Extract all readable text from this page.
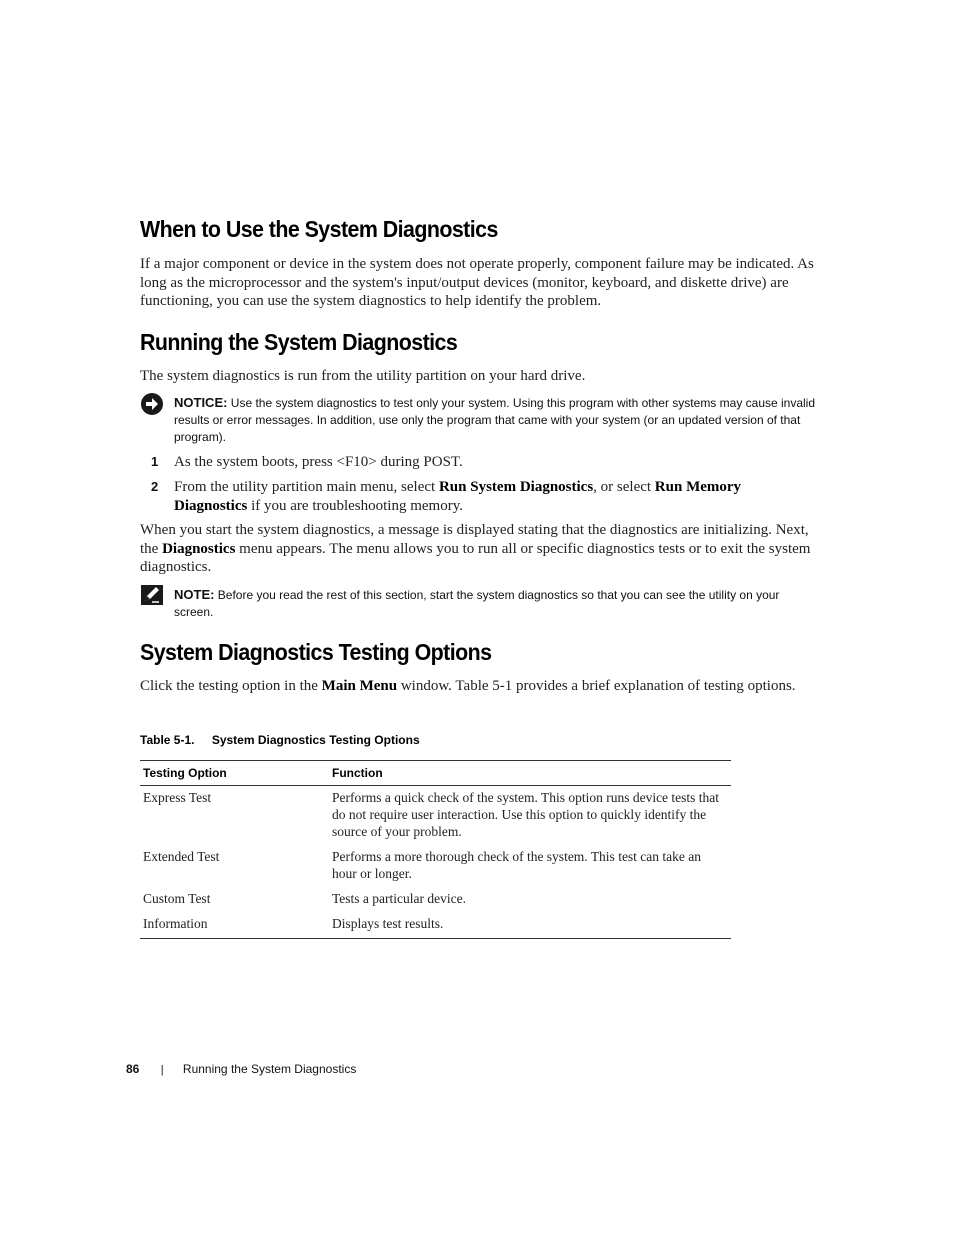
When to Use the System Diagnostics

If a major component or device in the system does not operate properly, component failure may be indicated. As long as the microprocessor and the system's input/output devices (monitor, keyboard, and diskette drive) are functioning, you can use the system diagnostics to help identify the problem.

Running the System Diagnostics

The system diagnostics is run from the utility partition on your hard drive.

NOTICE: Use the system diagnostics to test only your system. Using this program with other systems may cause invalid results or error messages. In addition, use only the program that came with your system (or an updated version of that program).
1 As the system boots, press <F10> during POST.
2 From the utility partition main menu, select Run System Diagnostics, or select Run Memory Diagnostics if you are troubleshooting memory.

When you start the system diagnostics, a message is displayed stating that the diagnostics are initializing. Next, the Diagnostics menu appears. The menu allows you to run all or specific diagnostics tests or to exit the system diagnostics.

NOTE: Before you read the rest of this section, start the system diagnostics so that you can see the utility on your screen.
System Diagnostics Testing Options

Click the testing option in the Main Menu window. Table 5-1 provides a brief explanation of testing options.

Table 5-1. System Diagnostics Testing Options
Testing Option	Function
Express Test	Performs a quick check of the system. This option runs device tests that do not require user interaction. Use this option to quickly identify the source of your problem.
Extended Test	Performs a more thorough check of the system. This test can take an hour or longer.
Custom Test	Tests a particular device.
Information	Displays test results.
86 | Running the System Diagnostics
